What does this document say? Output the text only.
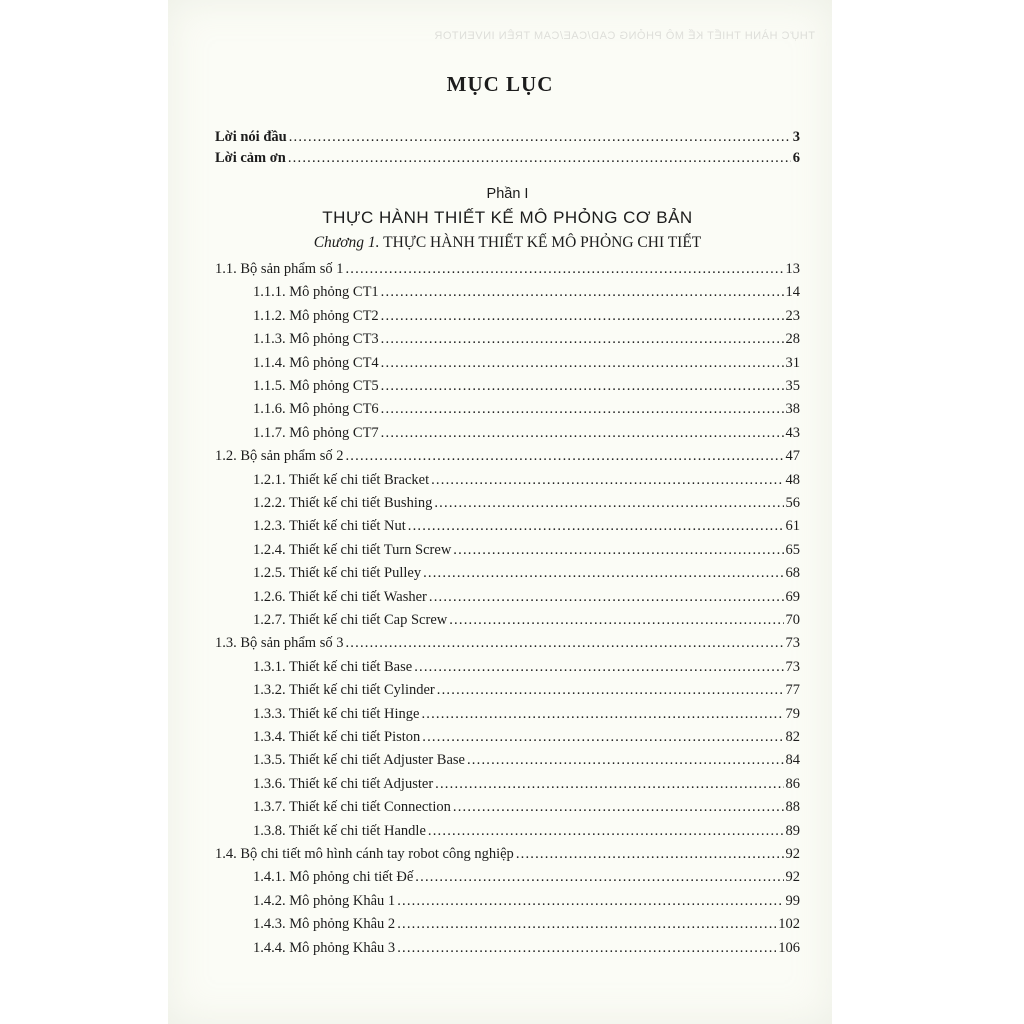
THỰC HÀNH THIẾT KẾ MÔ PHỎNG CAD/CAE/CAM TRÊN INVENTOR
MỤC LỤC
Lời nói đầu .....	3
Lời cảm ơn .....	6
Phần I
THỰC HÀNH THIẾT KẾ MÔ PHỎNG CƠ BẢN
Chương 1. THỰC HÀNH THIẾT KẾ MÔ PHỎNG CHI TIẾT
1.1. Bộ sản phẩm số 1 .....	13
1.1.1. Mô phỏng CT1 .....	14
1.1.2. Mô phỏng CT2 .....	23
1.1.3. Mô phỏng CT3 .....	28
1.1.4. Mô phỏng CT4 .....	31
1.1.5. Mô phỏng CT5 .....	35
1.1.6. Mô phỏng CT6 .....	38
1.1.7. Mô phỏng CT7 .....	43
1.2. Bộ sản phẩm số 2 .....	47
1.2.1. Thiết kế chi tiết Bracket .....	48
1.2.2. Thiết kế chi tiết Bushing .....	56
1.2.3. Thiết kế chi tiết Nut .....	61
1.2.4. Thiết kế chi tiết Turn Screw .....	65
1.2.5. Thiết kế chi tiết Pulley .....	68
1.2.6. Thiết kế chi tiết Washer .....	69
1.2.7. Thiết kế chi tiết Cap Screw .....	70
1.3. Bộ sản phẩm số 3 .....	73
1.3.1. Thiết kế chi tiết Base .....	73
1.3.2. Thiết kế chi tiết Cylinder .....	77
1.3.3. Thiết kế chi tiết Hinge .....	79
1.3.4. Thiết kế chi tiết Piston .....	82
1.3.5. Thiết kế chi tiết Adjuster Base .....	84
1.3.6. Thiết kế chi tiết Adjuster .....	86
1.3.7. Thiết kế chi tiết Connection .....	88
1.3.8. Thiết kế chi tiết Handle .....	89
1.4. Bộ chi tiết mô hình cánh tay robot công nghiệp .....	92
1.4.1. Mô phỏng chi tiết Đế .....	92
1.4.2. Mô phỏng Khâu 1 .....	99
1.4.3. Mô phỏng Khâu 2 .....	102
1.4.4. Mô phỏng Khâu 3 .....	106
